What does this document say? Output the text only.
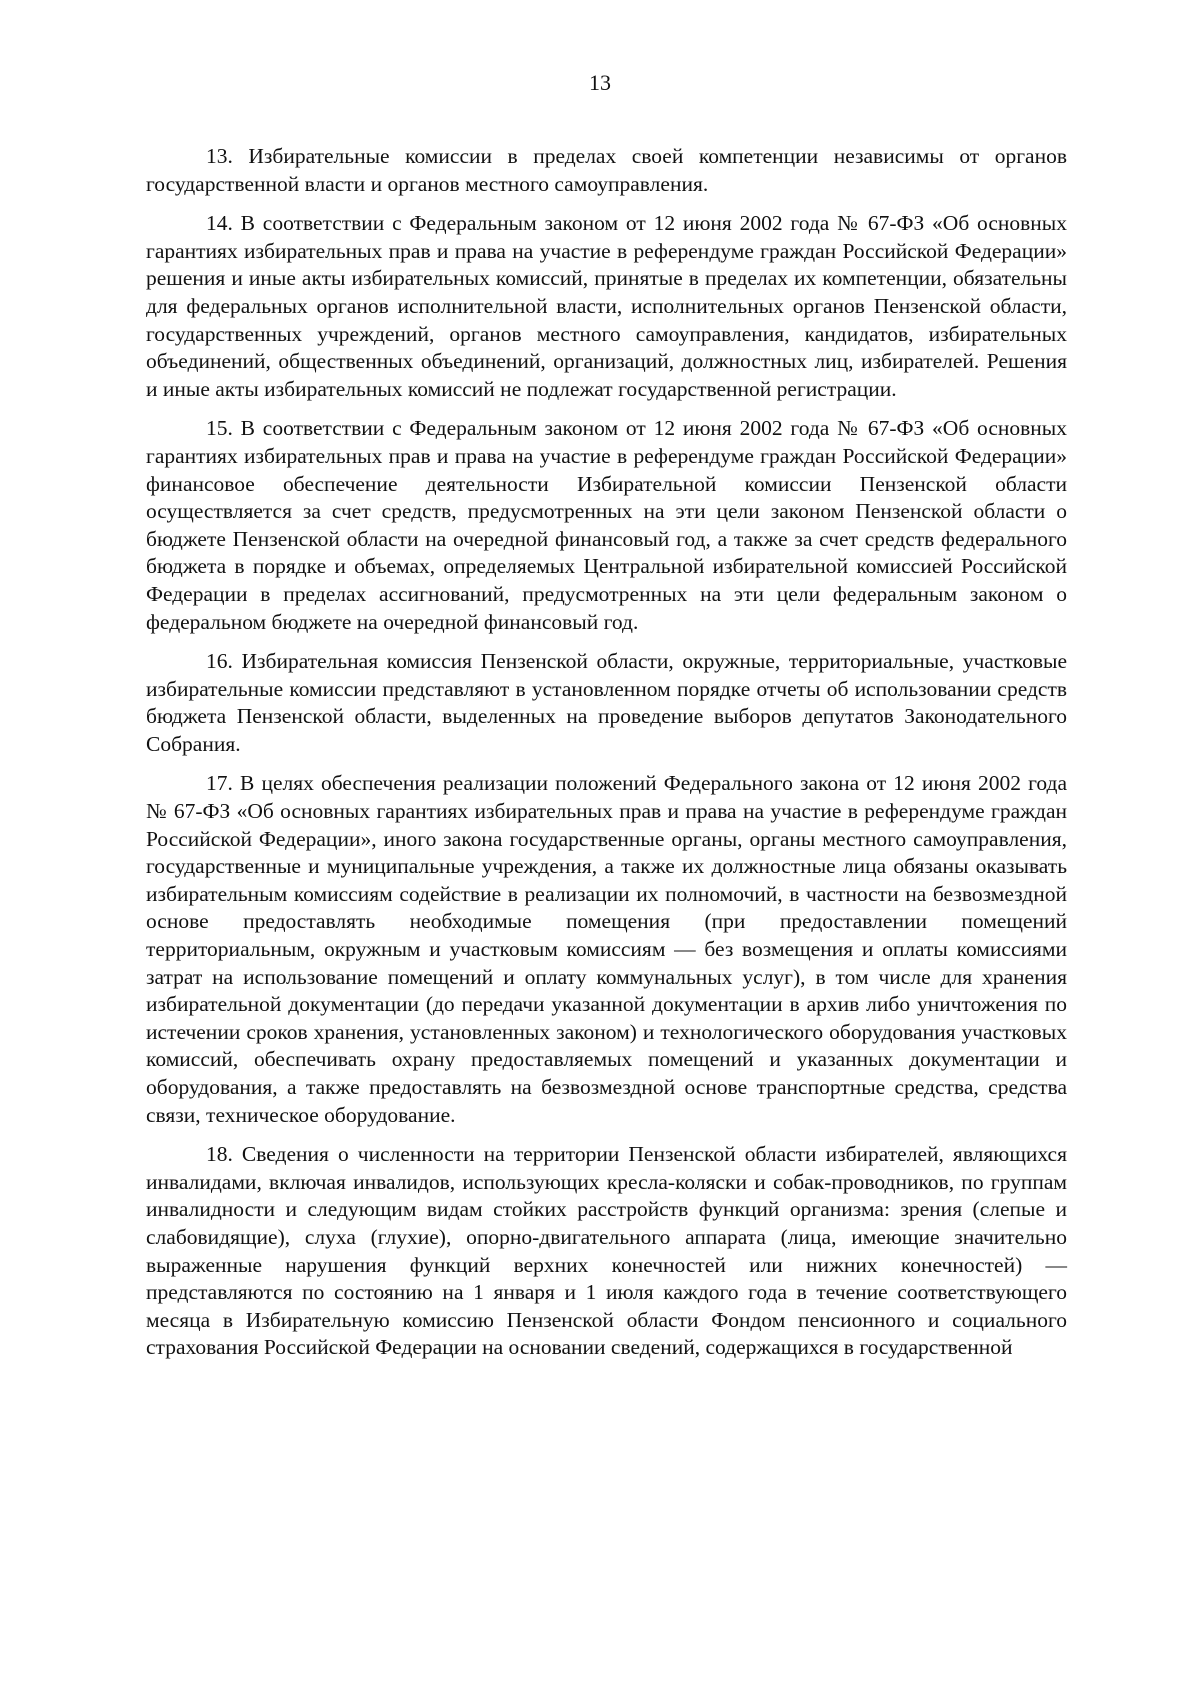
13

13. Избирательные комиссии в пределах своей компетенции независимы от органов государственной власти и органов местного самоуправления.

14. В соответствии с Федеральным законом от 12 июня 2002 года № 67-ФЗ «Об основных гарантиях избирательных прав и права на участие в референдуме граждан Российской Федерации» решения и иные акты избирательных комиссий, принятые в пределах их компетенции, обязательны для федеральных органов исполнительной власти, исполнительных органов Пензенской области, государственных учреждений, органов местного самоуправления, кандидатов, избирательных объединений, общественных объединений, организаций, должностных лиц, избирателей. Решения и иные акты избирательных комиссий не подлежат государственной регистрации.

15. В соответствии с Федеральным законом от 12 июня 2002 года № 67-ФЗ «Об основных гарантиях избирательных прав и права на участие в референдуме граждан Российской Федерации» финансовое обеспечение деятельности Избирательной комиссии Пензенской области осуществляется за счет средств, предусмотренных на эти цели законом Пензенской области о бюджете Пензенской области на очередной финансовый год, а также за счет средств федерального бюджета в порядке и объемах, определяемых Центральной избирательной комиссией Российской Федерации в пределах ассигнований, предусмотренных на эти цели федеральным законом о федеральном бюджете на очередной финансовый год.

16. Избирательная комиссия Пензенской области, окружные, территориальные, участковые избирательные комиссии представляют в установленном порядке отчеты об использовании средств бюджета Пензенской области, выделенных на проведение выборов депутатов Законодательного Собрания.

17. В целях обеспечения реализации положений Федерального закона от 12 июня 2002 года № 67-ФЗ «Об основных гарантиях избирательных прав и права на участие в референдуме граждан Российской Федерации», иного закона государственные органы, органы местного самоуправления, государственные и муниципальные учреждения, а также их должностные лица обязаны оказывать избирательным комиссиям содействие в реализации их полномочий, в частности на безвозмездной основе предоставлять необходимые помещения (при предоставлении помещений территориальным, окружным и участковым комиссиям — без возмещения и оплаты комиссиями затрат на использование помещений и оплату коммунальных услуг), в том числе для хранения избирательной документации (до передачи указанной документации в архив либо уничтожения по истечении сроков хранения, установленных законом) и технологического оборудования участковых комиссий, обеспечивать охрану предоставляемых помещений и указанных документации и оборудования, а также предоставлять на безвозмездной основе транспортные средства, средства связи, техническое оборудование.

18. Сведения о численности на территории Пензенской области избирателей, являющихся инвалидами, включая инвалидов, использующих кресла-коляски и собак-проводников, по группам инвалидности и следующим видам стойких расстройств функций организма: зрения (слепые и слабовидящие), слуха (глухие), опорно-двигательного аппарата (лица, имеющие значительно выраженные нарушения функций верхних конечностей или нижних конечностей) — представляются по состоянию на 1 января и 1 июля каждого года в течение соответствующего месяца в Избирательную комиссию Пензенской области Фондом пенсионного и социального страхования Российской Федерации на основании сведений, содержащихся в государственной
